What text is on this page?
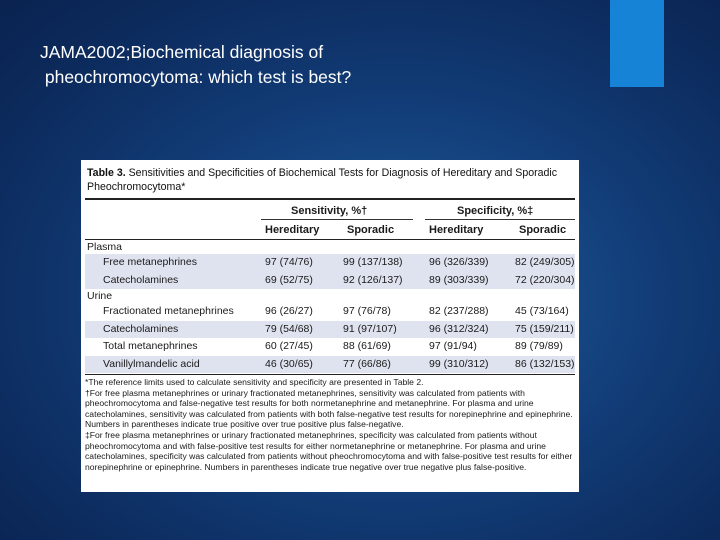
JAMA2002;Biochemical diagnosis of
pheochromocytoma: which test is best?
Table 3. Sensitivities and Specificities of Biochemical Tests for Diagnosis of Hereditary and Sporadic Pheochromocytoma*
Sensitivity, %†	Specificity, %‡
Hereditary	Sporadic	Hereditary	Sporadic
Plasma
Free metanephrines	97 (74/76)	99 (137/138)	96 (326/339)	82 (249/305)
Catecholamines	69 (52/75)	92 (126/137)	89 (303/339)	72 (220/304)
Urine
Fractionated metanephrines	96 (26/27)	97 (76/78)	82 (237/288)	45 (73/164)
Catecholamines	79 (54/68)	91 (97/107)	96 (312/324)	75 (159/211)
Total metanephrines	60 (27/45)	88 (61/69)	97 (91/94)	89 (79/89)
Vanillylmandelic acid	46 (30/65)	77 (66/86)	99 (310/312)	86 (132/153)
*The reference limits used to calculate sensitivity and specificity are presented in Table 2.
†For free plasma metanephrines or urinary fractionated metanephrines, sensitivity was calculated from patients with pheochromocytoma and false-negative test results for both normetanephrine and metanephrine. For plasma and urine catecholamines, sensitivity was calculated from patients with both false-negative test results for norepinephrine and epinephrine. Numbers in parentheses indicate true positive over true positive plus false-negative.
‡For free plasma metanephrines or urinary fractionated metanephrines, specificity was calculated from patients without pheochromocytoma and with false-positive test results for either normetanephrine or metanephrine. For plasma and urine catecholamines, specificity was calculated from patients without pheochromocytoma and with false-positive test results for either norepinephrine or epinephrine. Numbers in parentheses indicate true negative over true negative plus false-positive.
